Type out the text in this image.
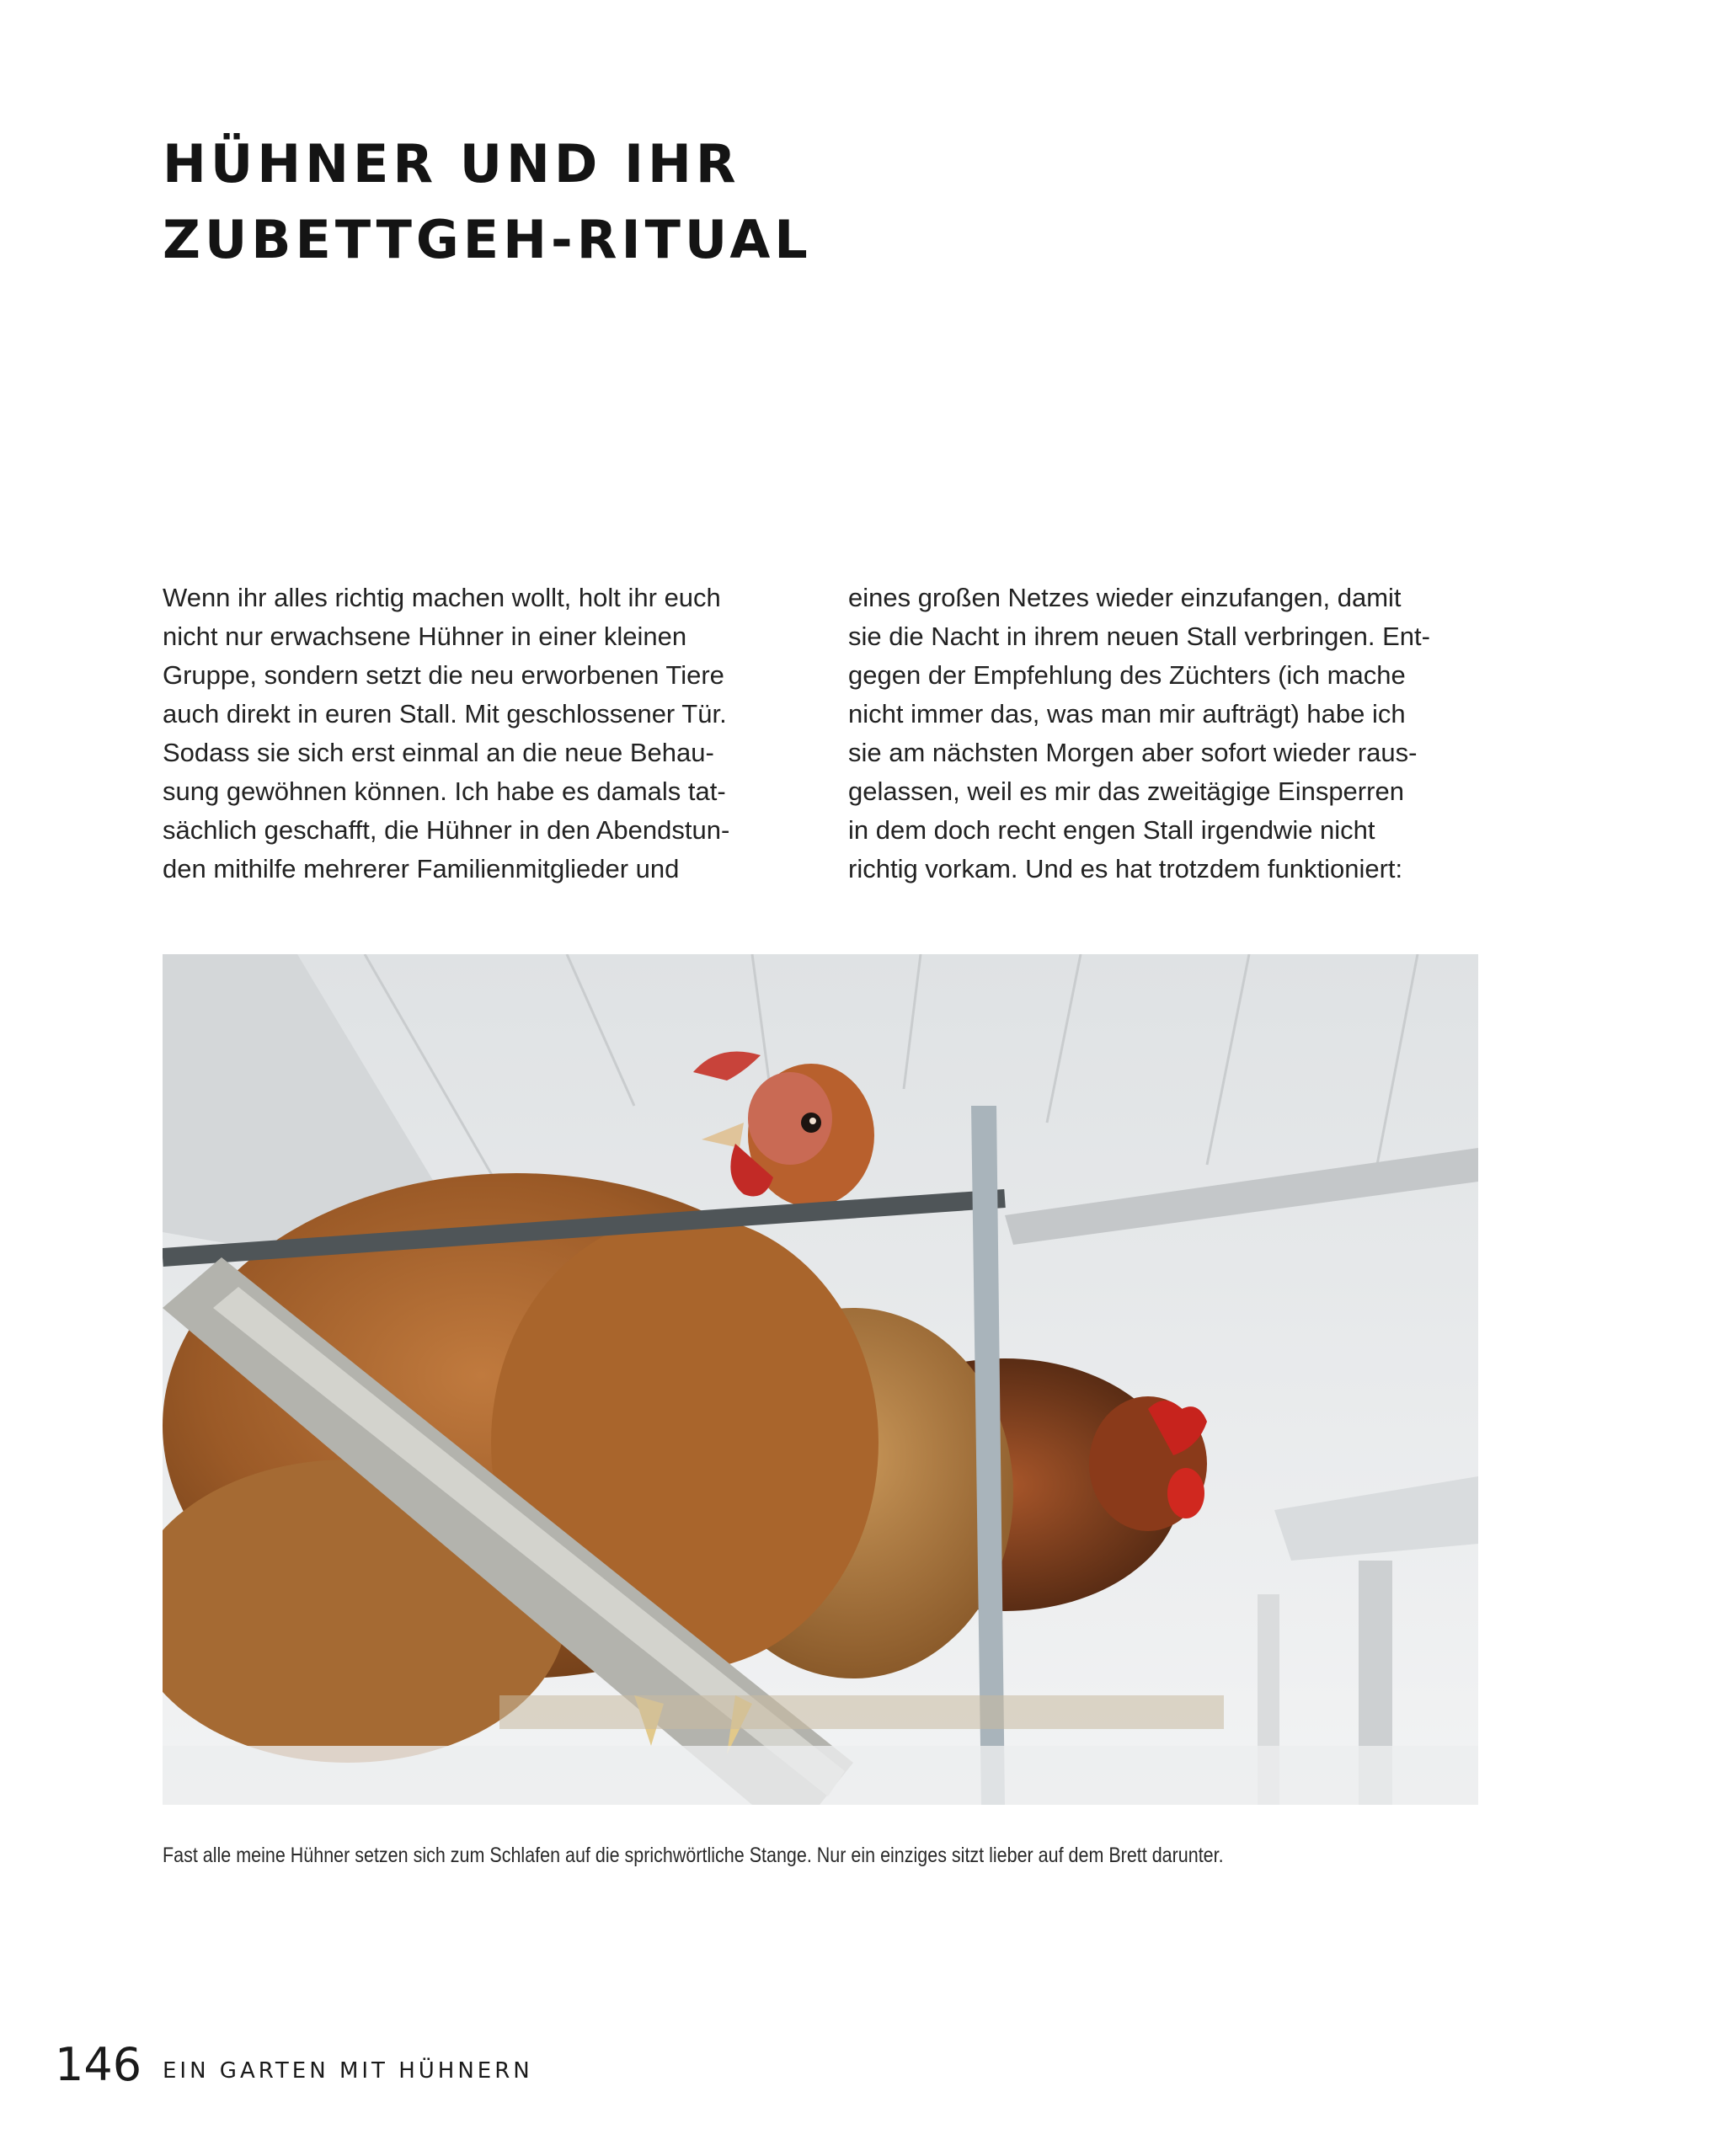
HÜHNER UND IHR
ZUBETTGEH-RITUAL
Wenn ihr alles richtig machen wollt, holt ihr euch
nicht nur erwachsene Hühner in einer kleinen
Gruppe, sondern setzt die neu erworbenen Tiere
auch direkt in euren Stall. Mit geschlossener Tür.
Sodass sie sich erst einmal an die neue Behau-
sung gewöhnen können. Ich habe es damals tat-
sächlich geschafft, die Hühner in den Abendstun-
den mithilfe mehrerer Familienmitglieder und
eines großen Netzes wieder einzufangen, damit
sie die Nacht in ihrem neuen Stall verbringen. Ent-
gegen der Empfehlung des Züchters (ich mache
nicht immer das, was man mir aufträgt) habe ich
sie am nächsten Morgen aber sofort wieder raus-
gelassen, weil es mir das zweitägige Einsperren
in dem doch recht engen Stall irgendwie nicht
richtig vorkam. Und es hat trotzdem funktioniert:

Fast alle meine Hühner setzen sich zum Schlafen auf die sprichwörtliche Stange. Nur ein einziges sitzt lieber auf dem Brett darunter.

146 EIN GARTEN MIT HÜHNERN
